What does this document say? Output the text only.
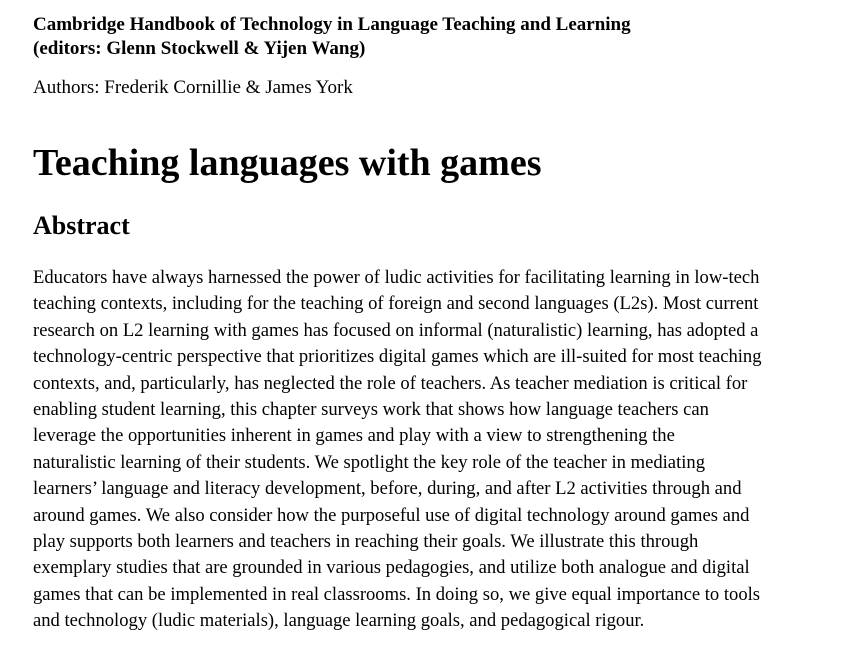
Cambridge Handbook of Technology in Language Teaching and Learning
(editors: Glenn Stockwell & Yijen Wang)

Authors: Frederik Cornillie & James York

Teaching languages with games
Abstract
Educators have always harnessed the power of ludic activities for facilitating learning in low-tech
teaching contexts, including for the teaching of foreign and second languages (L2s). Most current
research on L2 learning with games has focused on informal (naturalistic) learning, has adopted a
technology-centric perspective that prioritizes digital games which are ill-suited for most teaching
contexts, and, particularly, has neglected the role of teachers. As teacher mediation is critical for
enabling student learning, this chapter surveys work that shows how language teachers can
leverage the opportunities inherent in games and play with a view to strengthening the
naturalistic learning of their students. We spotlight the key role of the teacher in mediating
learners’ language and literacy development, before, during, and after L2 activities through and
around games. We also consider how the purposeful use of digital technology around games and
play supports both learners and teachers in reaching their goals. We illustrate this through
exemplary studies that are grounded in various pedagogies, and utilize both analogue and digital
games that can be implemented in real classrooms. In doing so, we give equal importance to tools
and technology (ludic materials), language learning goals, and pedagogical rigour.
